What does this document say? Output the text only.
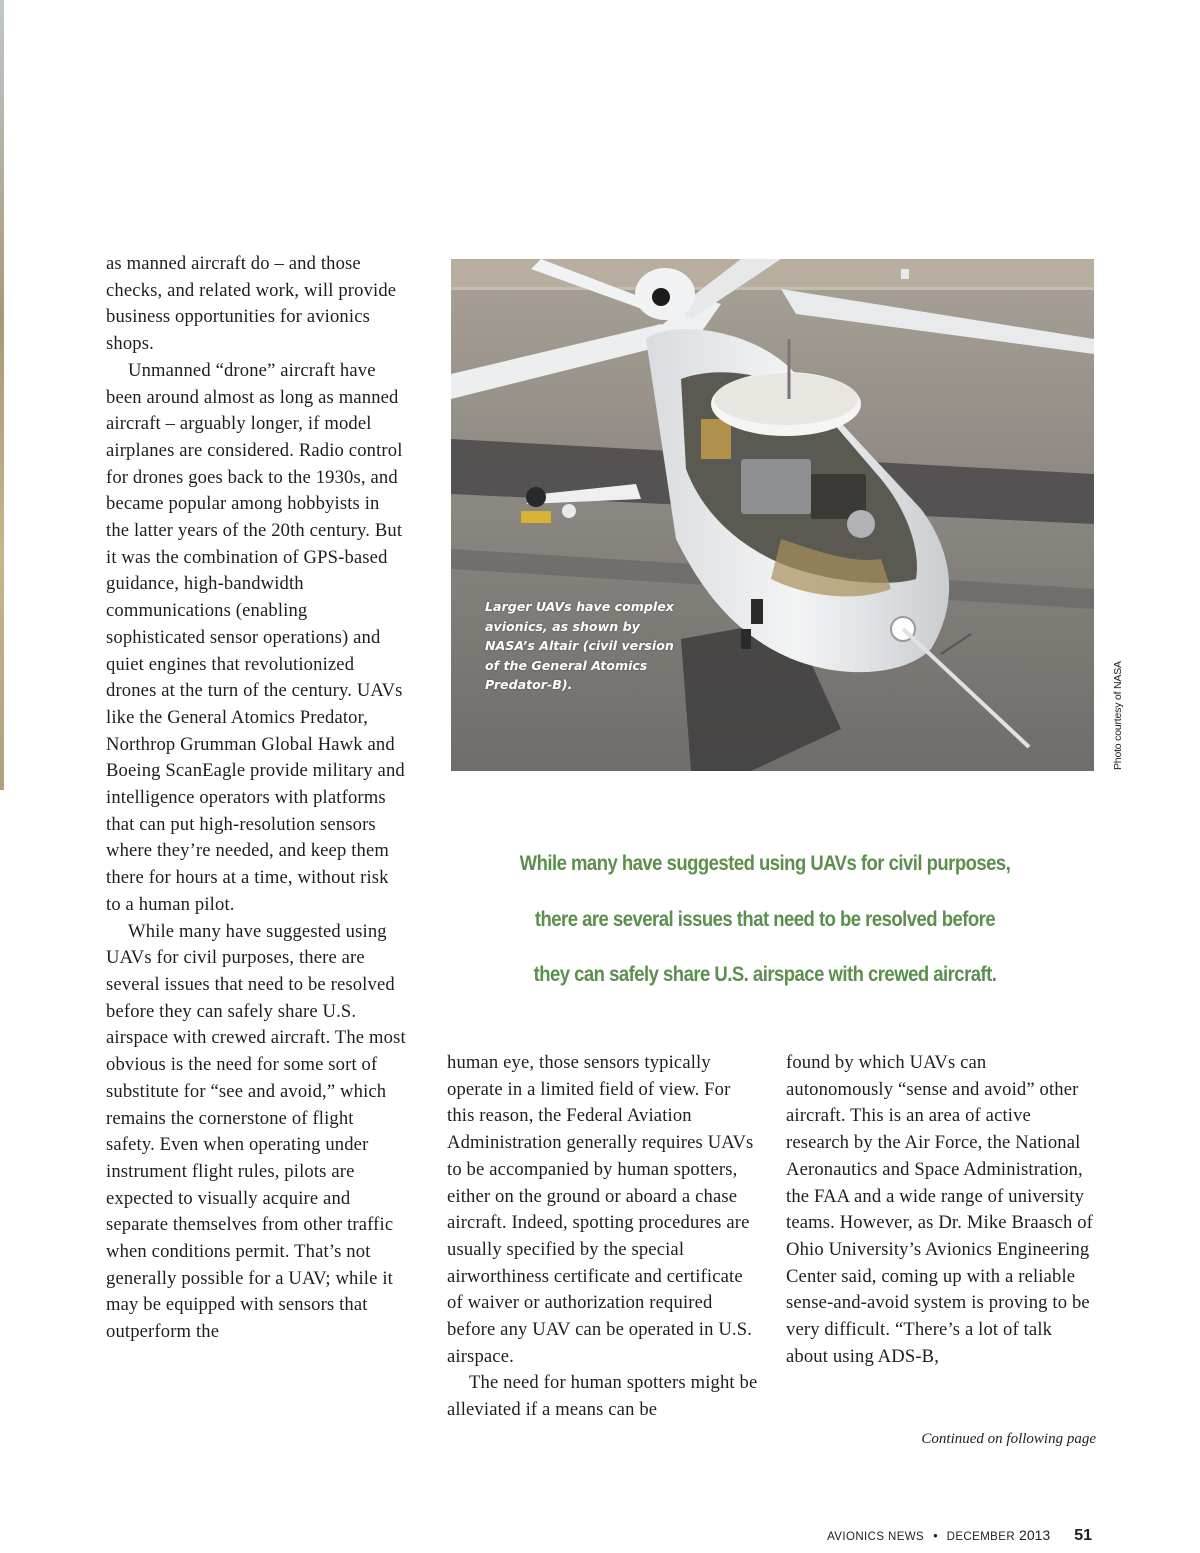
as manned aircraft do – and those checks, and related work, will provide business opportunities for avionics shops.

Unmanned “drone” aircraft have been around almost as long as manned aircraft – arguably longer, if model airplanes are considered. Radio control for drones goes back to the 1930s, and became popular among hobbyists in the latter years of the 20th century. But it was the combination of GPS-based guidance, high-bandwidth communications (enabling sophisticated sensor operations) and quiet engines that revolutionized drones at the turn of the century. UAVs like the General Atomics Predator, Northrop Grumman Global Hawk and Boeing ScanEagle provide military and intelligence operators with platforms that can put high-resolution sensors where they’re needed, and keep them there for hours at a time, without risk to a human pilot.

While many have suggested using UAVs for civil purposes, there are several issues that need to be resolved before they can safely share U.S. airspace with crewed aircraft. The most obvious is the need for some sort of substitute for “see and avoid,” which remains the cornerstone of flight safety. Even when operating under instrument flight rules, pilots are expected to visually acquire and separate themselves from other traffic when conditions permit. That’s not generally possible for a UAV; while it may be equipped with sensors that outperform the

Larger UAVs have complex avionics, as shown by NASA’s Altair (civil version of the General Atomics Predator-B).	Photo courtesy of NASA
While many have suggested using UAVs for civil purposes,
there are several issues that need to be resolved before
they can safely share U.S. airspace with crewed aircraft.

human eye, those sensors typically operate in a limited field of view. For this reason, the Federal Aviation Administration generally requires UAVs to be accompanied by human spotters, either on the ground or aboard a chase aircraft. Indeed, spotting procedures are usually specified by the special airworthiness certificate and certificate of waiver or authorization required before any UAV can be operated in U.S. airspace.

The need for human spotters might be alleviated if a means can be

found by which UAVs can autonomously “sense and avoid” other aircraft. This is an area of active research by the Air Force, the National Aeronautics and Space Administration, the FAA and a wide range of university teams. However, as Dr. Mike Braasch of Ohio University’s Avionics Engineering Center said, coming up with a reliable sense-and-avoid system is proving to be very difficult. “There’s a lot of talk about using ADS-B,

Continued on following page
AVIONICS NEWS • DECEMBER 2013 51
